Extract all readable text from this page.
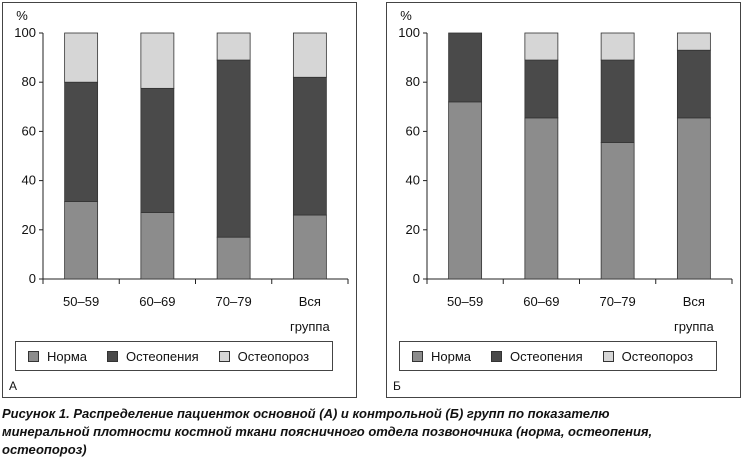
0
20
40
60
80
100
%
50–59	60–69	70–79	Вся
группа
Норма	Остеопения	Остеопороз
А
0
20
40
60
80
100
%
50–59	60–69	70–79	Вся
группа
Норма	Остеопения	Остеопороз
Б
Рисунок 1. Распределение пациенток основной (А) и контрольной (Б) групп по показателю
минеральной плотности костной ткани поясничного отдела позвоночника (норма, остеопения,
остеопороз)
